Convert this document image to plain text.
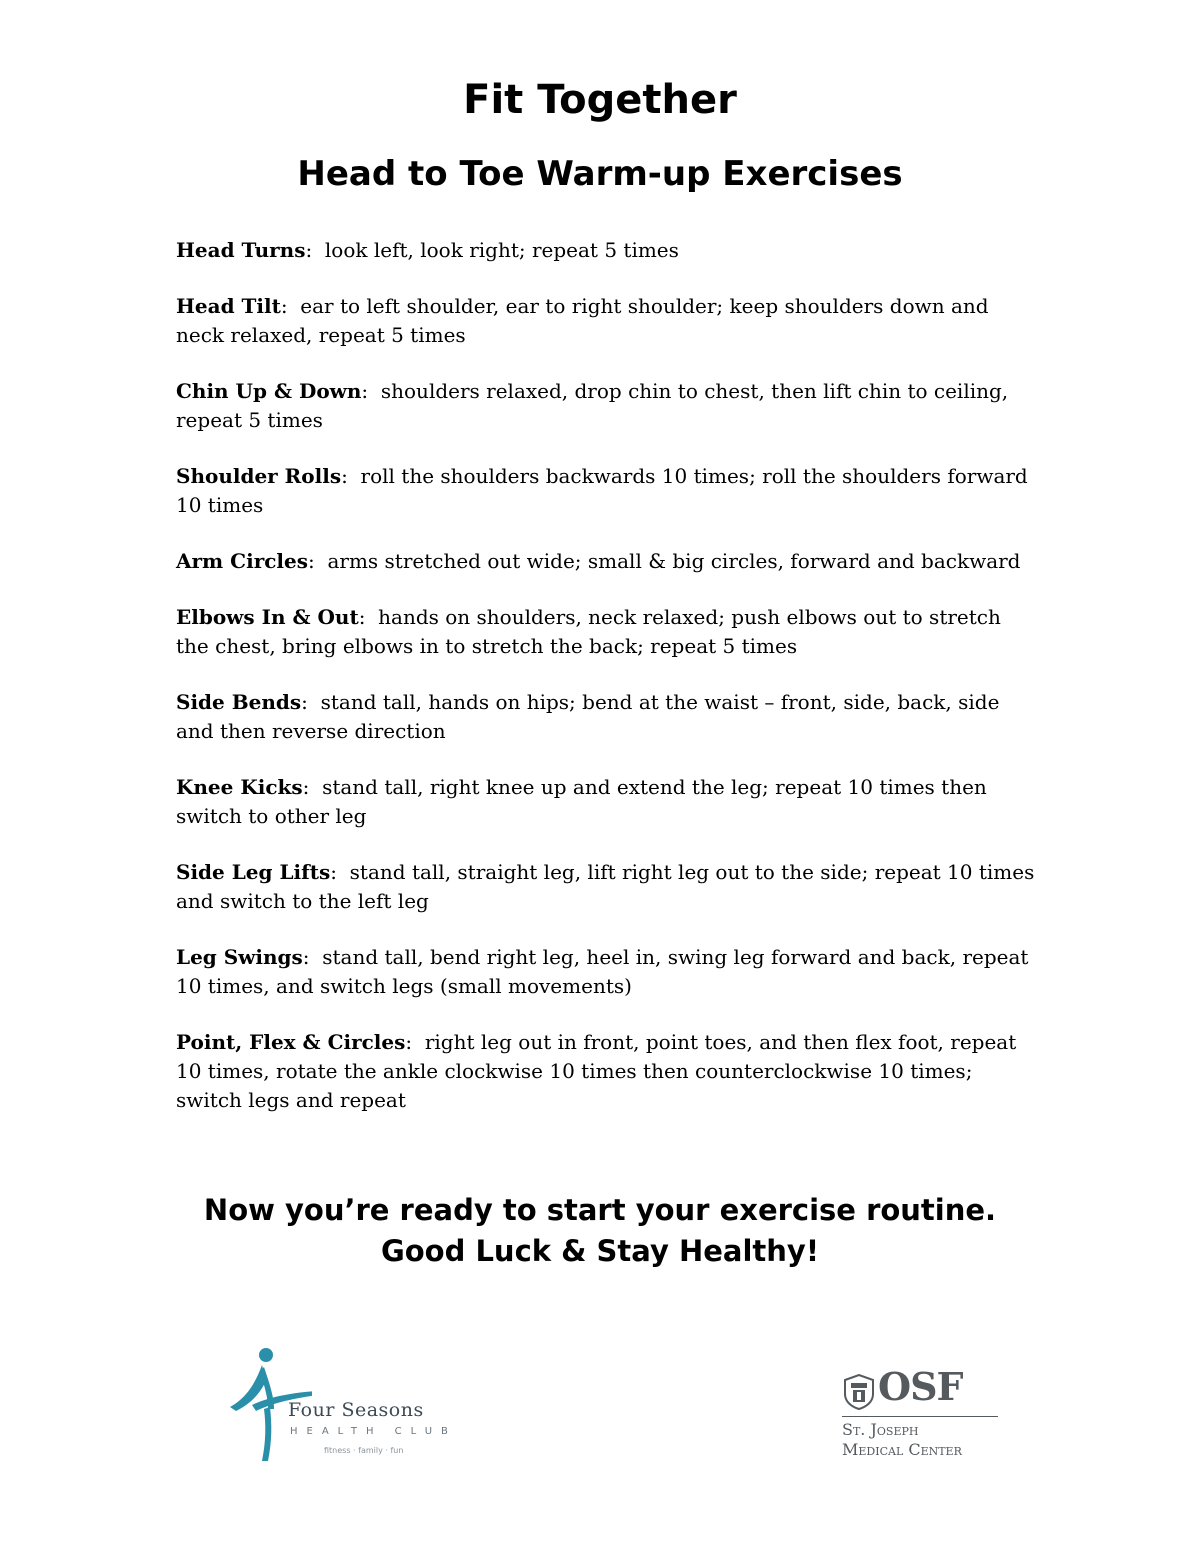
Fit Together
Head to Toe Warm-up Exercises
Head Turns:  look left, look right; repeat 5 times
Head Tilt:  ear to left shoulder, ear to right shoulder; keep shoulders down and neck relaxed, repeat 5 times
Chin Up & Down:  shoulders relaxed, drop chin to chest, then lift chin to ceiling, repeat 5 times
Shoulder Rolls:  roll the shoulders backwards 10 times; roll the shoulders forward 10 times
Arm Circles:  arms stretched out wide; small & big circles, forward and backward
Elbows In & Out:  hands on shoulders, neck relaxed; push elbows out to stretch the chest, bring elbows in to stretch the back; repeat 5 times
Side Bends:  stand tall, hands on hips; bend at the waist – front, side, back, side and then reverse direction
Knee Kicks:  stand tall, right knee up and extend the leg; repeat 10 times then switch to other leg
Side Leg Lifts:  stand tall, straight leg, lift right leg out to the side; repeat 10 times and switch to the left leg
Leg Swings:  stand tall, bend right leg, heel in, swing leg forward and back, repeat 10 times, and switch legs (small movements)
Point, Flex & Circles:  right leg out in front, point toes, and then flex foot, repeat 10 times, rotate the ankle clockwise 10 times then counterclockwise 10 times; switch legs and repeat

Now you’re ready to start your exercise routine.

Good Luck & Stay Healthy!

Four Seasons
HEALTH CLUB
fitness · family · fun
OSF
St. Joseph
Medical Center
